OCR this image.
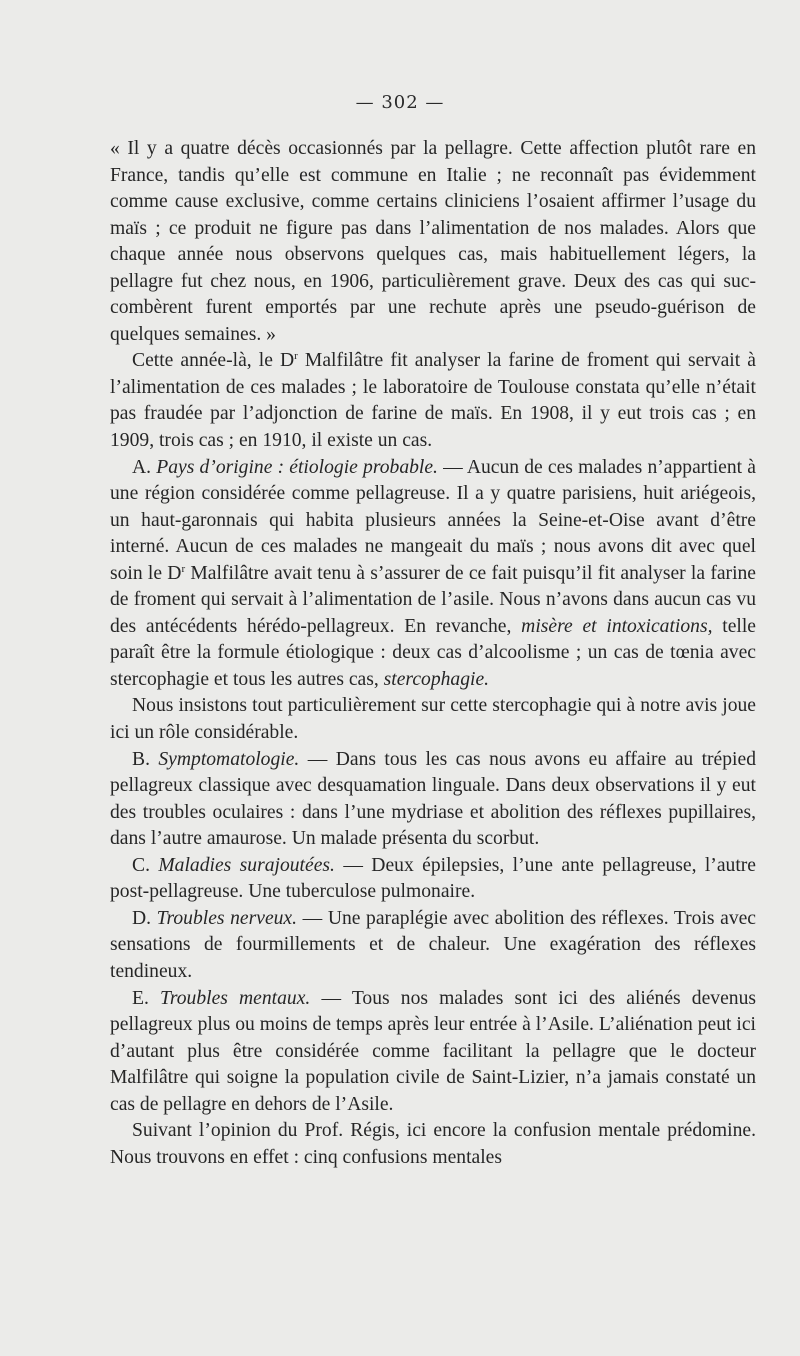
— 302 —

« Il y a quatre décès occasionnés par la pellagre. Cette affection plutôt rare en France, tandis qu’elle est commune en Italie ; ne reconnaît pas évidemment comme cause exclusive, comme certains cliniciens l’osaient affirmer l’usage du maïs ; ce produit ne figure pas dans l’alimentation de nos malades. Alors que chaque année nous observons quelques cas, mais habituellement légers, la pellagre fut chez nous, en 1906, particulièrement grave. Deux des cas qui succombèrent furent emportés par une rechute après une pseudo-guérison de quelques semaines. »

Cette année-là, le $D^r$ Malfilâtre fit analyser la farine de froment qui servait à l’alimentation de ces malades ; le laboratoire de Toulouse constata qu’elle n’était pas fraudée par l’adjonction de farine de maïs. En 1908, il y eut trois cas ; en 1909, trois cas ; en 1910, il existe un cas.

A. Pays d’origine : étiologie probable. — Aucun de ces malades n’appartient à une région considérée comme pellagreuse. Il a y quatre parisiens, huit ariégeois, un haut-garonnais qui habita plusieurs années la Seine-et-Oise avant d’être interné. Aucun de ces malades ne mangeait du maïs ; nous avons dit avec quel soin le $D^r$ Malfilâtre avait tenu à s’assurer de ce fait puisqu’il fit analyser la farine de froment qui servait à l’alimentation de l’asile. Nous n’avons dans aucun cas vu des antécédents hérédo-pellagreux. En revanche, misère et intoxications, telle paraît être la formule étiologique : deux cas d’alcoolisme ; un cas de tœnia avec stercophagie et tous les autres cas, stercophagie.

Nous insistons tout particulièrement sur cette stercophagie qui à notre avis joue ici un rôle considérable.

B. Symptomatologie. — Dans tous les cas nous avons eu affaire au trépied pellagreux classique avec desquamation linguale. Dans deux observations il y eut des troubles oculaires : dans l’une mydriase et abolition des réflexes pupillaires, dans l’autre amaurose. Un malade présenta du scorbut.

C. Maladies surajoutées. — Deux épilepsies, l’une ante pellagreuse, l’autre post-pellagreuse. Une tuberculose pulmonaire.

D. Troubles nerveux. — Une paraplégie avec abolition des réflexes. Trois avec sensations de fourmillements et de chaleur. Une exagération des réflexes tendineux.

E. Troubles mentaux. — Tous nos malades sont ici des aliénés devenus pellagreux plus ou moins de temps après leur entrée à l’Asile. L’aliénation peut ici d’autant plus être considérée comme facilitant la pellagre que le docteur Malfilâtre qui soigne la population civile de Saint-Lizier, n’a jamais constaté un cas de pellagre en dehors de l’Asile.

Suivant l’opinion du Prof. Régis, ici encore la confusion mentale prédomine. Nous trouvons en effet : cinq confusions mentales
